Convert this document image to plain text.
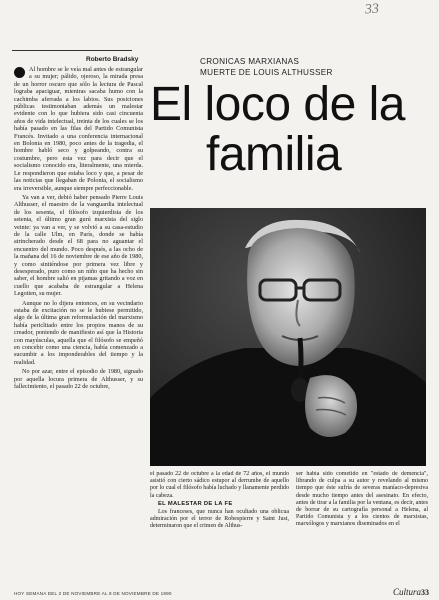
33
Roberto Bradsky

Al hombre se le veía mal antes de estrangular a su mujer; pálido, ojeroso, la mirada presa de un horror oscuro que sólo la lectura de Pascal lograba apaciguar, mientras sacaba humo con la cachimba aferrada a los labios. Sus posiciones públicas testimoniaban además un malestar evidente con lo que hubiera sido casi cincuenta años de vida intelectual, treinta de los cuales se los había pasado en las filas del Partido Comunista Francés. Invitado a una conferencia internacional en Bolonia en 1980, poco antes de la tragedia, el hombre habló seco y golpeando, contra su costumbre, pero esta vez para decir que el socialismo conocido era, literalmente, una mierda. Le respondieron que estaba loco y que, a pesar de las noticias que llegaban de Polonia, el socialismo era irreversible, aunque siempre perfeccionable.

Ya van a ver, debió haber pensado Pierre Louis Althusser, el maestro de la vanguardia intelectual de los sesenta, el filósofo izquierdista de los setenta, el último gran gurú marxista del siglo veinte: ya van a ver, y se volvió a su casa-estudio de la calle Ulm, en París, donde se había atrincherado desde el 68 para no aguantar el encuentro del mundo. Poco después, a las ocho de la mañana del 16 de noviembre de ese año de 1980, y como sintiéndose por primera vez libre y desesperado, puro como un niño que ha hecho sin saber, el hombre salió en pijamas gritando a voz en cuello que acababa de estrangular a Helena Legotien, su mujer.

Aunque no lo dijera entonces, en su vecindario estaba de excitación no se le hubiese permitido, algo de la última gran reformulación del marxismo había periclitado entre los propios manos de su creador, poniendo de manifiesto así que la Historia con mayúsculas, aquella que el filósofo se empeñó en concebir como una ciencia, había comenzado a sucumbir a los imponderables del tiempo y la realidad.

No por azar, entre el episodio de 1980, signado por aquella locura primera de Althusser, y su fallecimiento, el pasado 22 de octubre,

CRONICAS MARXIANAS
MUERTE DE LOUIS ALTHUSSER
El loco de la
familia

el pasado 22 de octubre a la edad de 72 años, el mundo asistió con cierto sádico estupor al derrumbe de aquello por lo cual el filósofo había luchado y llanamente perdido la cabeza.

EL MALESTAR DE LA FE

Los franceses, que nunca han ocultado una oblicua admiración por el terror de Robespierre y Saint Just, determinaron que el crimen de Althus-

ser había sido cometido en "estado de demencia", librando de culpa a su autor y revelando al mismo tiempo que éste sufría de severas maníaco-depresiva desde mucho tiempo antes del asesinato. En efecto, antes de tirar a la familia por la ventana, es decir, antes de borrar de su cartografía personal a Helena, al Partido Comunista y a los cientos de marxistas, marxólogos y marxianos diseminados en el

HOY SEMANA DEL 2 DE NOVIEMBRE AL 8 DE NOVIEMBRE DE 1990	Cultura33
